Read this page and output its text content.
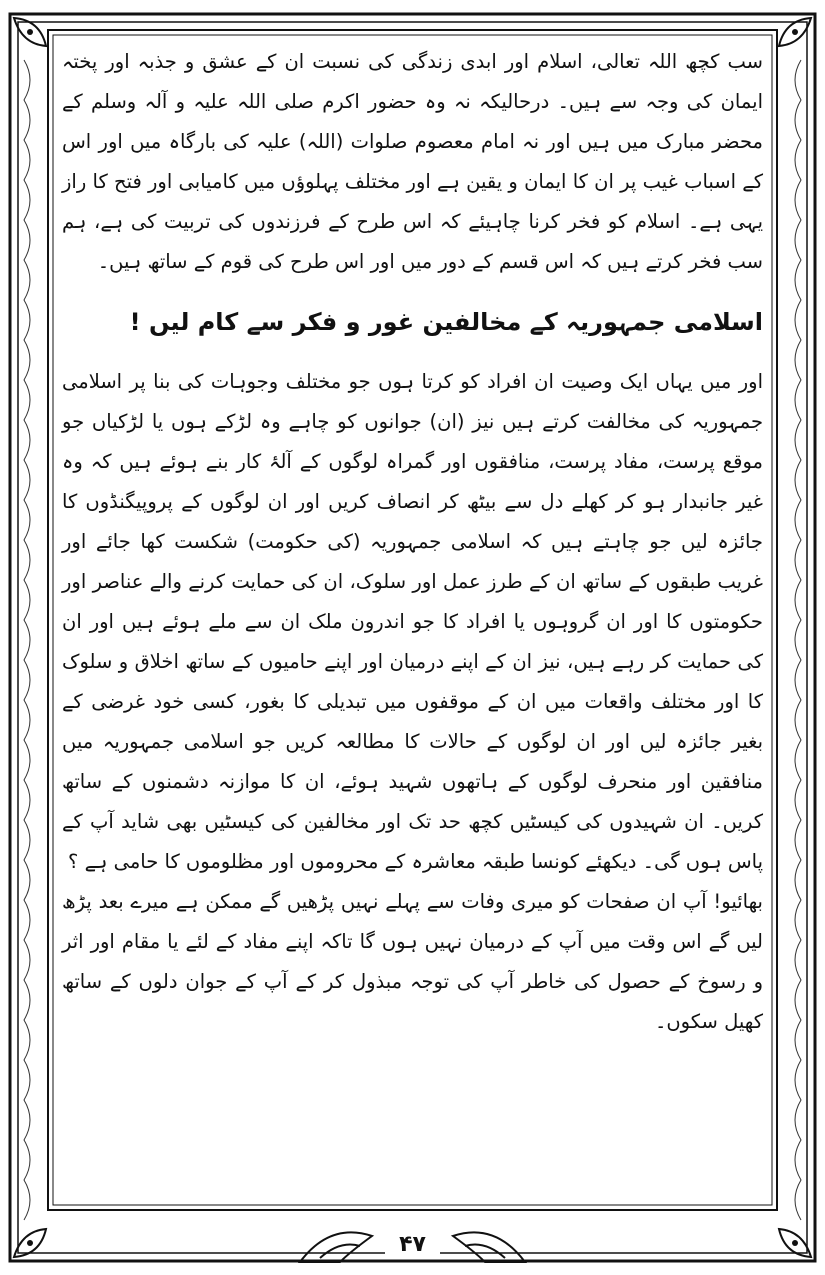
سب کچھ اللہ تعالی، اسلام اور ابدی زندگی کی نسبت ان کے عشق و جذبہ اور پختہ ایمان کی وجہ سے ہیں۔ درحالیکہ نہ وہ حضور اکرم صلی اللہ علیہ و آلہ وسلم کے محضر مبارک میں ہیں اور نہ امام معصوم صلوات (اللہ) علیہ کی بارگاہ میں اور اس کے اسباب غیب پر ان کا ایمان و یقین ہے اور مختلف پہلوؤں میں کامیابی اور فتح کا راز یہی ہے۔ اسلام کو فخر کرنا چاہیئے کہ اس طرح کے فرزندوں کی تربیت کی ہے، ہم سب فخر کرتے ہیں کہ اس قسم کے دور میں اور اس طرح کی قوم کے ساتھ ہیں۔

اسلامی جمہوریہ کے مخالفین غور و فکر سے کام لیں !

اور میں یہاں ایک وصیت ان افراد کو کرتا ہوں جو مختلف وجوہات کی بنا پر اسلامی جمہوریہ کی مخالفت کرتے ہیں نیز (ان) جوانوں کو چاہے وہ لڑکے ہوں یا لڑکیاں جو موقع پرست، مفاد پرست، منافقوں اور گمراہ لوگوں کے آلۂ کار بنے ہوئے ہیں کہ وہ غیر جانبدار ہو کر کھلے دل سے بیٹھ کر انصاف کریں اور ان لوگوں کے پروپیگنڈوں کا جائزہ لیں جو چاہتے ہیں کہ اسلامی جمہوریہ (کی حکومت) شکست کھا جائے اور غریب طبقوں کے ساتھ ان کے طرز عمل اور سلوک، ان کی حمایت کرنے والے عناصر اور حکومتوں کا اور ان گروہوں یا افراد کا جو اندرون ملک ان سے ملے ہوئے ہیں اور ان کی حمایت کر رہے ہیں، نیز ان کے اپنے درمیان اور اپنے حامیوں کے ساتھ اخلاق و سلوک کا اور مختلف واقعات میں ان کے موقفوں میں تبدیلی کا بغور، کسی خود غرضی کے بغیر جائزہ لیں اور ان لوگوں کے حالات کا مطالعہ کریں جو اسلامی جمہوریہ میں منافقین اور منحرف لوگوں کے ہاتھوں شہید ہوئے، ان کا موازنہ دشمنوں کے ساتھ کریں۔ ان شہیدوں کی کیسٹیں کچھ حد تک اور مخالفین کی کیسٹیں بھی شاید آپ کے پاس ہوں گی۔ دیکھئے کونسا طبقہ معاشرہ کے محروموں اور مظلوموں کا حامی ہے ؟

بھائیو! آپ ان صفحات کو میری وفات سے پہلے نہیں پڑھیں گے ممکن ہے میرے بعد پڑھ لیں گے اس وقت میں آپ کے درمیان نہیں ہوں گا تاکہ اپنے مفاد کے لئے یا مقام اور اثر و رسوخ کے حصول کی خاطر آپ کی توجہ مبذول کر کے آپ کے جوان دلوں کے ساتھ کھیل سکوں۔

۴۷
